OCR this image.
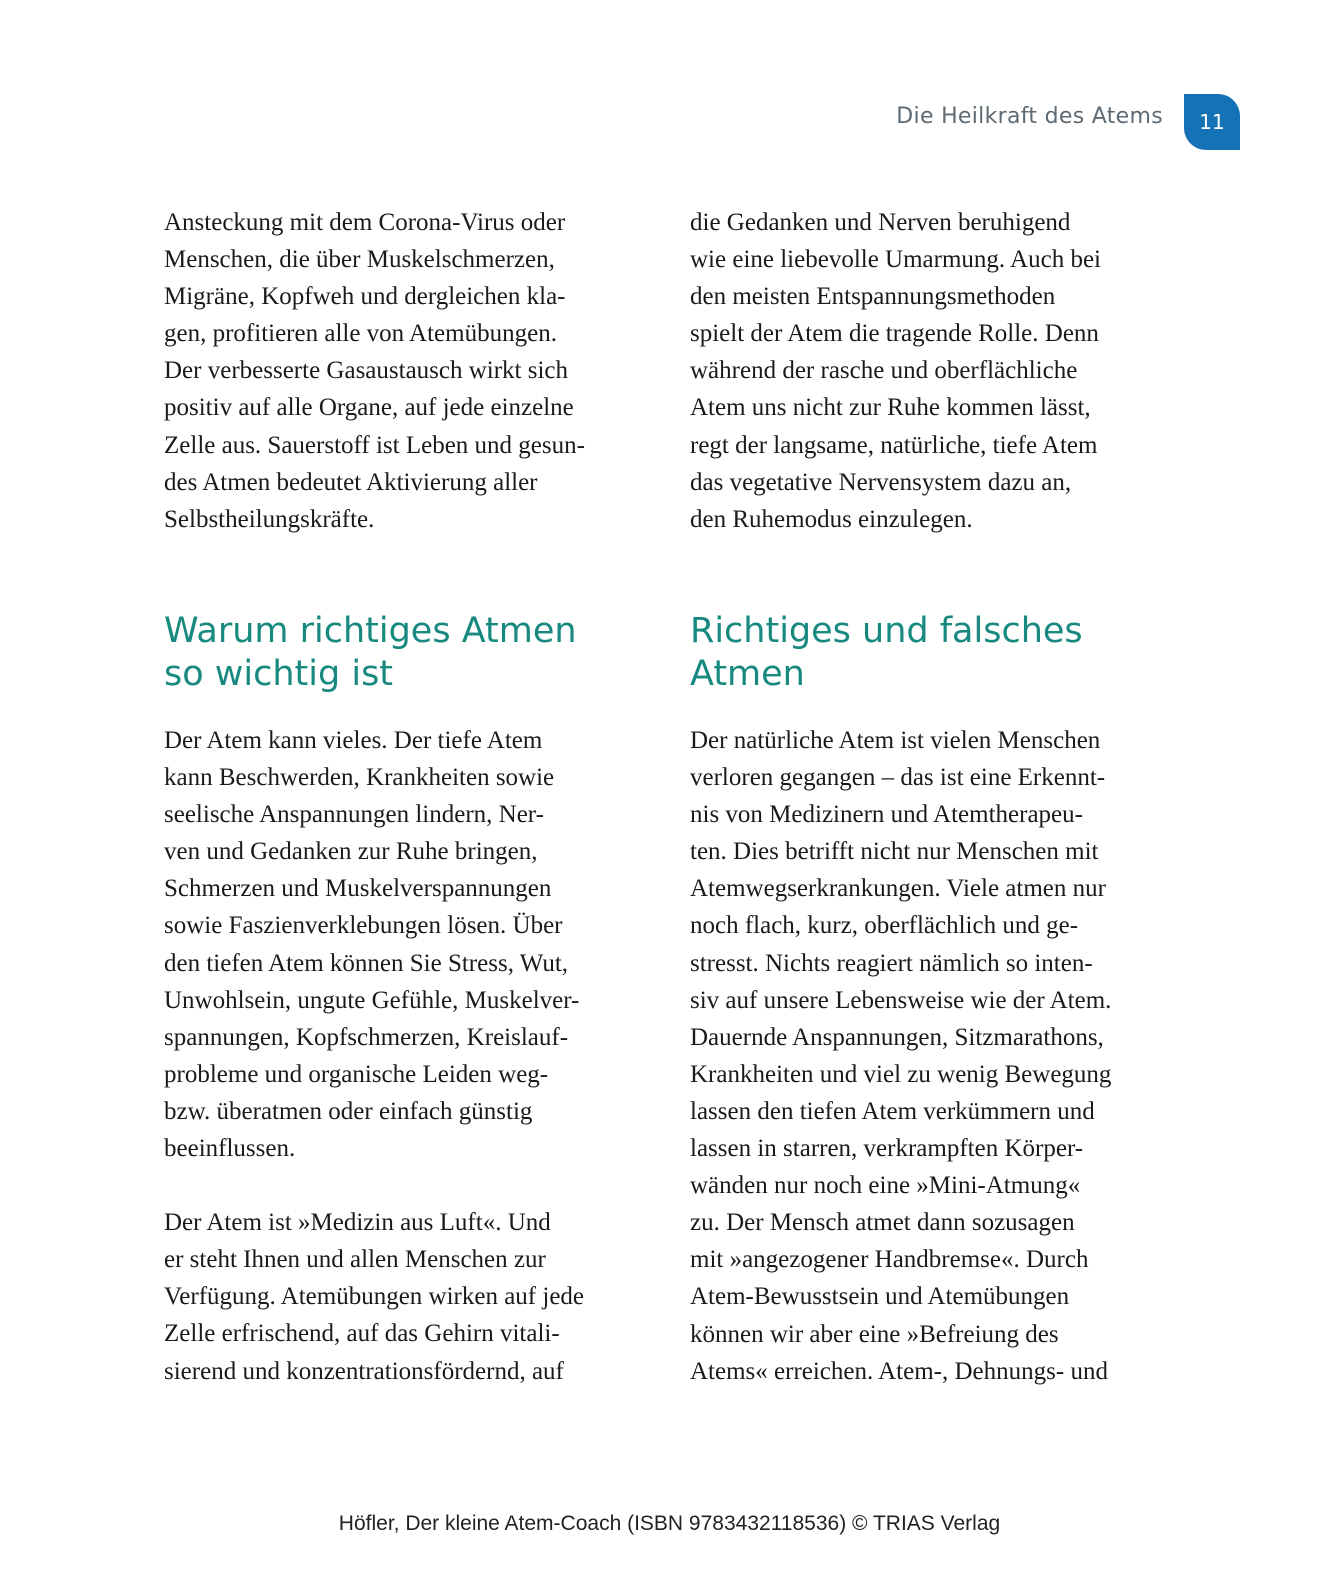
Die Heilkraft des Atems 11
Ansteckung mit dem Corona-Virus oder
Menschen, die über Muskelschmerzen,
Migräne, Kopfweh und dergleichen kla-
gen, profitieren alle von Atemübungen.
Der verbesserte Gasaustausch wirkt sich
positiv auf alle Organe, auf jede einzelne
Zelle aus. Sauerstoff ist Leben und gesun-
des Atmen bedeutet Aktivierung aller
Selbstheilungskräfte.
die Gedanken und Nerven beruhigend
wie eine liebevolle Umarmung. Auch bei
den meisten Entspannungsmethoden
spielt der Atem die tragende Rolle. Denn
während der rasche und oberflächliche
Atem uns nicht zur Ruhe kommen lässt,
regt der langsame, natürliche, tiefe Atem
das vegetative Nervensystem dazu an,
den Ruhemodus einzulegen.
Warum richtiges Atmen
so wichtig ist
Richtiges und falsches
Atmen
Der Atem kann vieles. Der tiefe Atem
kann Beschwerden, Krankheiten sowie
seelische Anspannungen lindern, Ner-
ven und Gedanken zur Ruhe bringen,
Schmerzen und Muskelverspannungen
sowie Faszienverklebungen lösen. Über
den tiefen Atem können Sie Stress, Wut,
Unwohlsein, ungute Gefühle, Muskelver-
spannungen, Kopfschmerzen, Kreislauf-
probleme und organische Leiden weg-
bzw. überatmen oder einfach günstig
beeinflussen.
Der Atem ist »Medizin aus Luft«. Und
er steht Ihnen und allen Menschen zur
Verfügung. Atemübungen wirken auf jede
Zelle erfrischend, auf das Gehirn vitali-
sierend und konzentrationsfördernd, auf
Der natürliche Atem ist vielen Menschen
verloren gegangen – das ist eine Erkennt-
nis von Medizinern und Atemtherapeu-
ten. Dies betrifft nicht nur Menschen mit
Atemwegserkrankungen. Viele atmen nur
noch flach, kurz, oberflächlich und ge-
stresst. Nichts reagiert nämlich so inten-
siv auf unsere Lebensweise wie der Atem.
Dauernde Anspannungen, Sitzmarathons,
Krankheiten und viel zu wenig Bewegung
lassen den tiefen Atem verkümmern und
lassen in starren, verkrampften Körper-
wänden nur noch eine »Mini-Atmung«
zu. Der Mensch atmet dann sozusagen
mit »angezogener Handbremse«. Durch
Atem-Bewusstsein und Atemübungen
können wir aber eine »Befreiung des
Atems« erreichen. Atem-, Dehnungs- und
Höfler, Der kleine Atem-Coach (ISBN 9783432118536) © TRIAS Verlag
